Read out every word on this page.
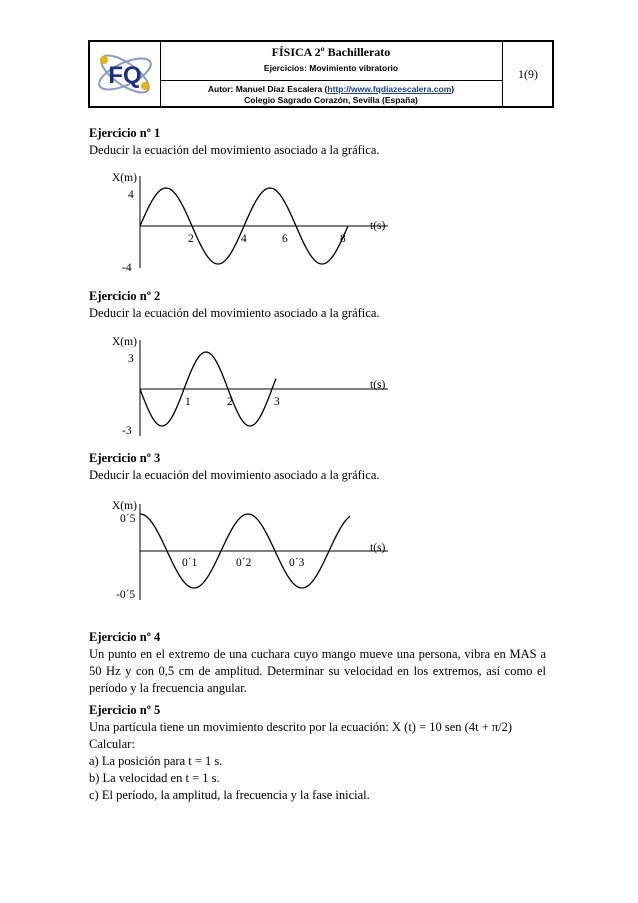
FQ
FÍSICA 2º Bachillerato
Ejercicios: Movimiento vibratorio
Autor: Manuel Díaz Escalera (http://www.fqdiazescalera.com)
Colegio Sagrado Corazón, Sevilla (España)
1(9)
Ejercicio nº 1
Deducir la ecuación del movimiento asociado a la gráfica.
X(m)
t(s)
4
-4
2	4	6	8
Ejercicio nº 2
Deducir la ecuación del movimiento asociado a la gráfica.
X(m)
t(s)
3
-3
1	2	3
Ejercicio nº 3
Deducir la ecuación del movimiento asociado a la gráfica.
X(m)
t(s)
0´5
-0´5
0´1	0´2	0´3
Ejercicio nº 4
Un punto en el extremo de una cuchara cuyo mango mueve una persona, vibra en MAS a 50 Hz y con 0,5 cm de amplitud. Determinar su velocidad en los extremos, así como el período y la frecuencia angular.
Ejercicio nº 5
Una partícula tiene un movimiento descrito por la ecuación: X (t) = 10 sen (4t + π/2)
Calcular:
a) La posición para t = 1 s.
b) La velocidad en t = 1 s.
c) El período, la amplitud, la frecuencia y la fase inicial.
